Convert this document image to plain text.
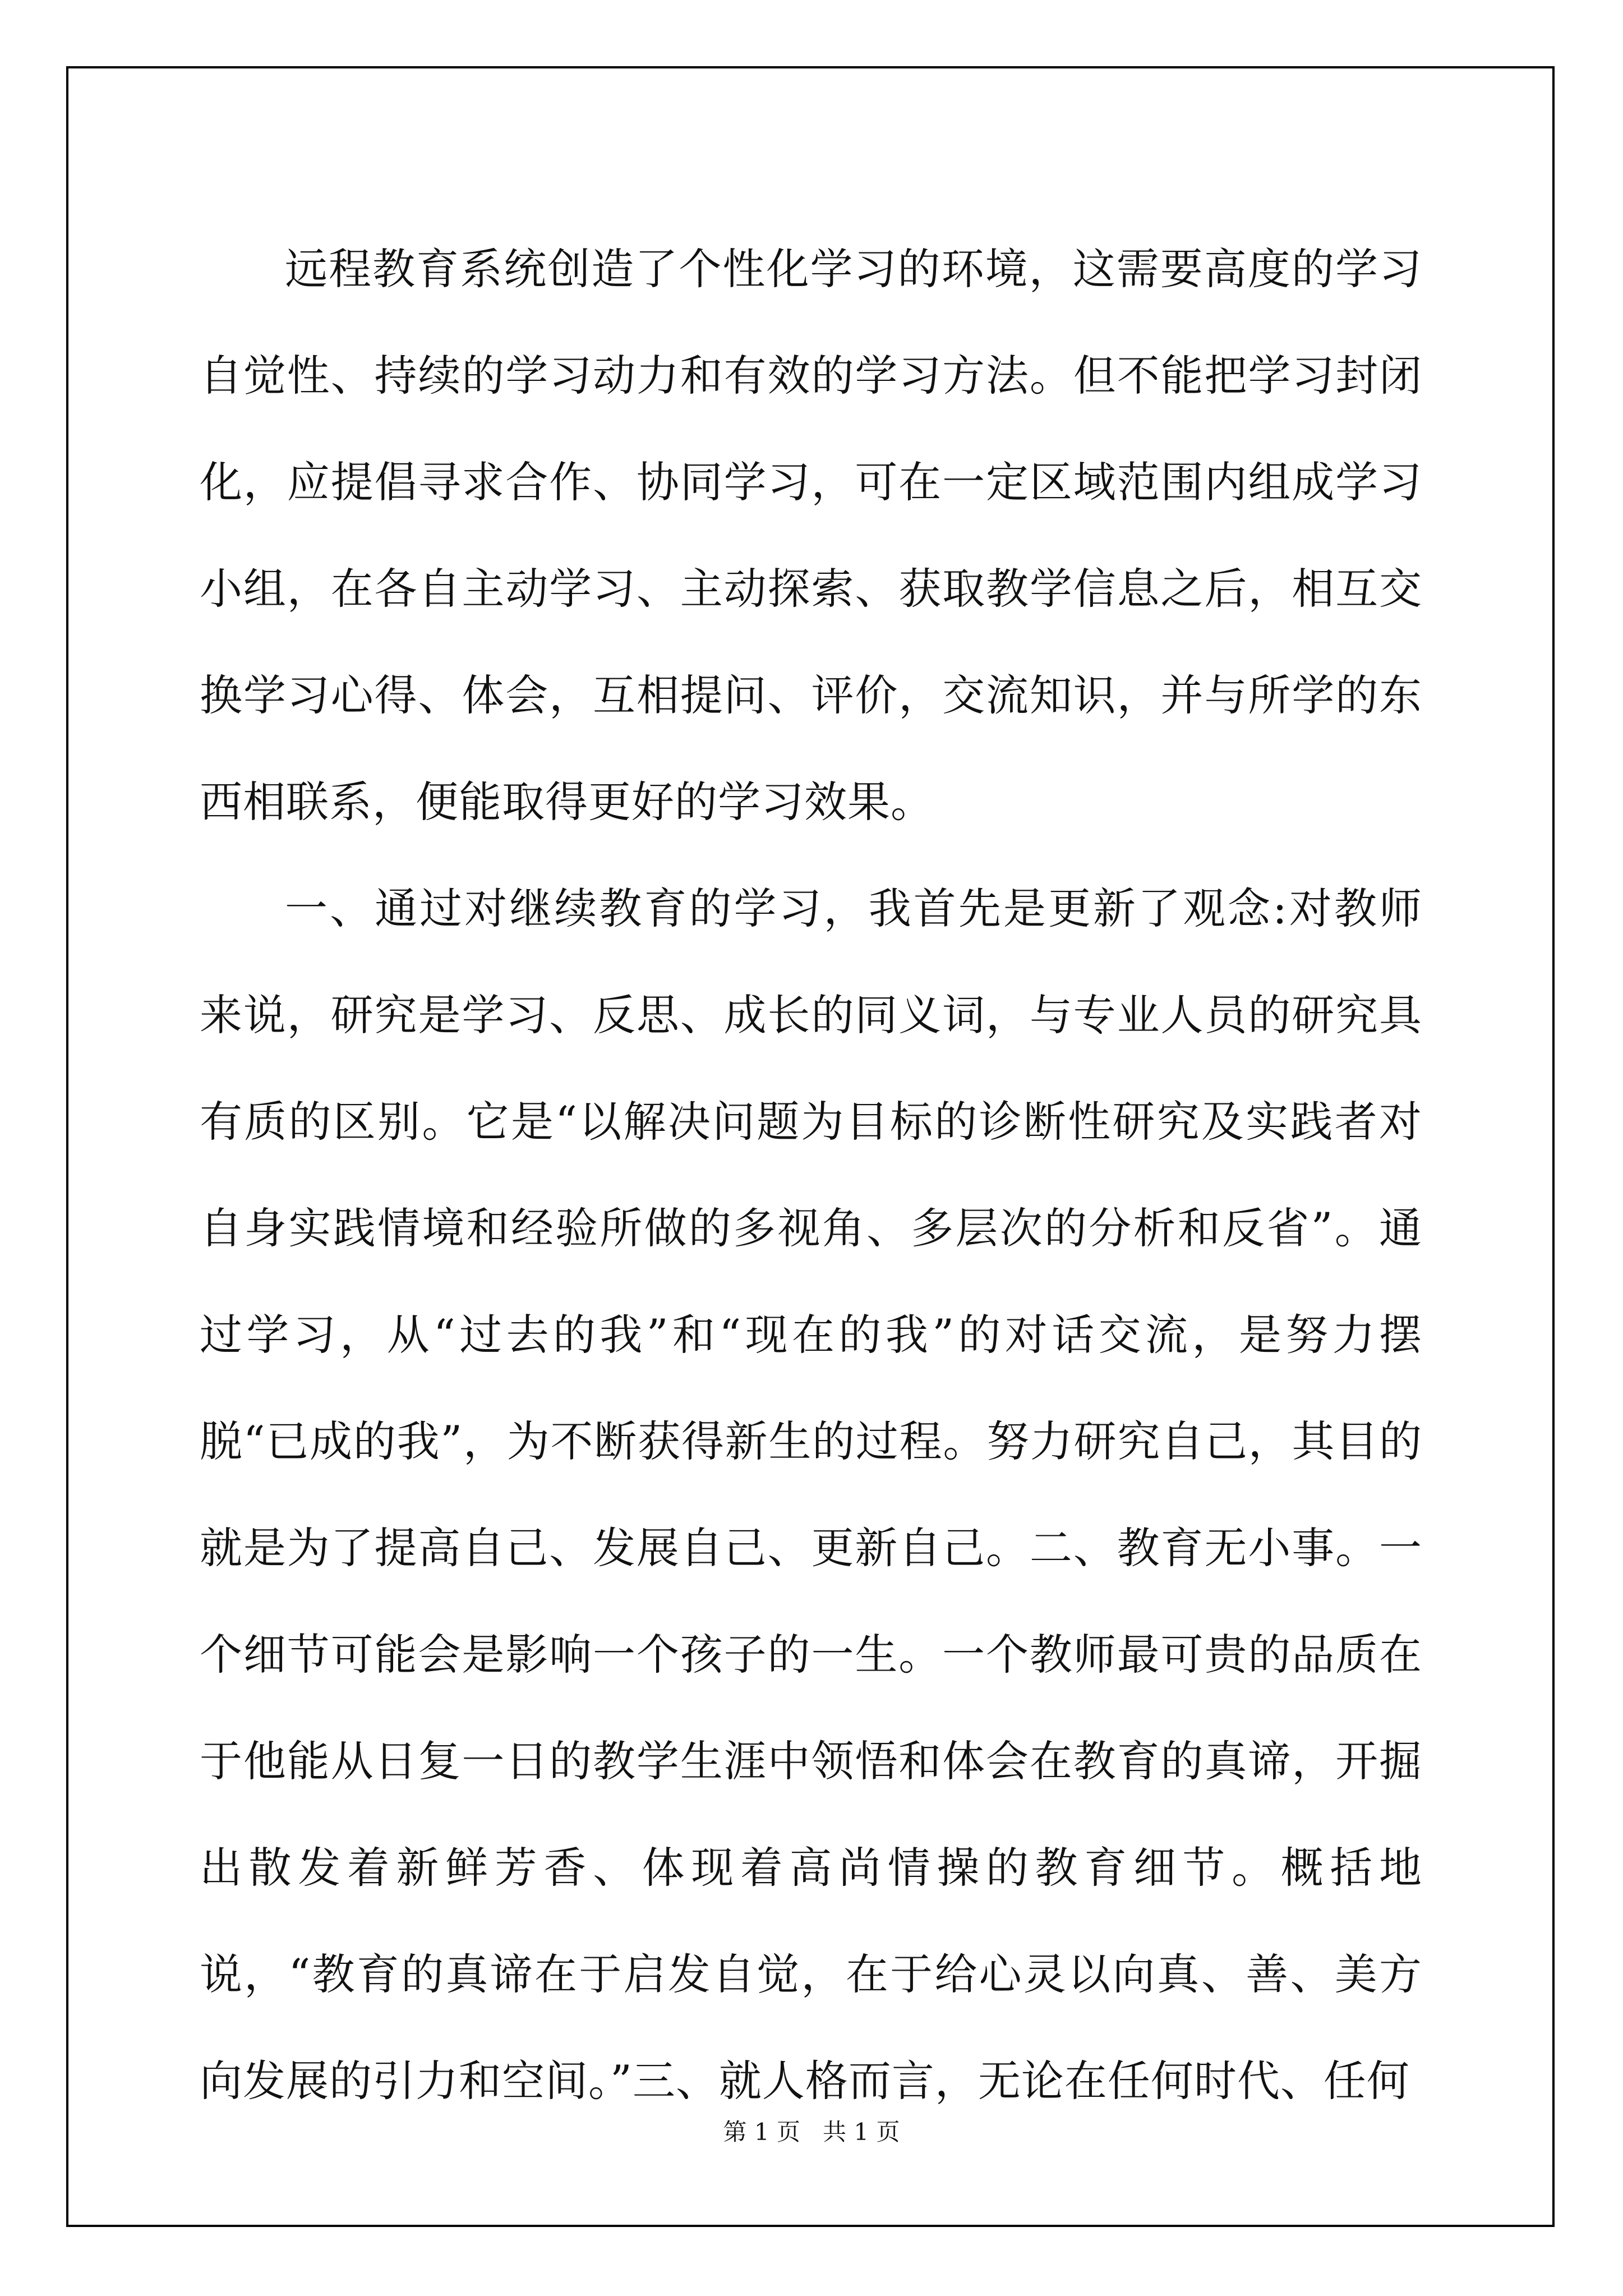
远程教育系统创造了个性化学习的环境，这需要高度的学习自觉性、持续的学习动力和有效的学习方法。但不能把学习封闭化，应提倡寻求合作、协同学习，可在一定区域范围内组成学习小组，在各自主动学习、主动探索、获取教学信息之后，相互交换学习心得、体会，互相提问、评价，交流知识，并与所学的东西相联系，便能取得更好的学习效果。

一、通过对继续教育的学习，我首先是更新了观念:对教师来说，研究是学习、反思、成长的同义词，与专业人员的研究具有质的区别。它是“以解决问题为目标的诊断性研究及实践者对自身实践情境和经验所做的多视角、多层次的分析和反省”。通过学习，从“过去的我”和“现在的我”的对话交流，是努力摆脱“已成的我”，为不断获得新生的过程。努力研究自己，其目的就是为了提高自己、发展自己、更新自己。二、教育无小事。一个细节可能会是影响一个孩子的一生。一个教师最可贵的品质在于他能从日复一日的教学生涯中领悟和体会在教育的真谛，开掘出散发着新鲜芳香、体现着高尚情操的教育细节。概括地说，“教育的真谛在于启发自觉，在于给心灵以向真、善、美方向发展的引力和空间。”三、就人格而言，无论在任何时代、任何

第 1 页   共 1 页
